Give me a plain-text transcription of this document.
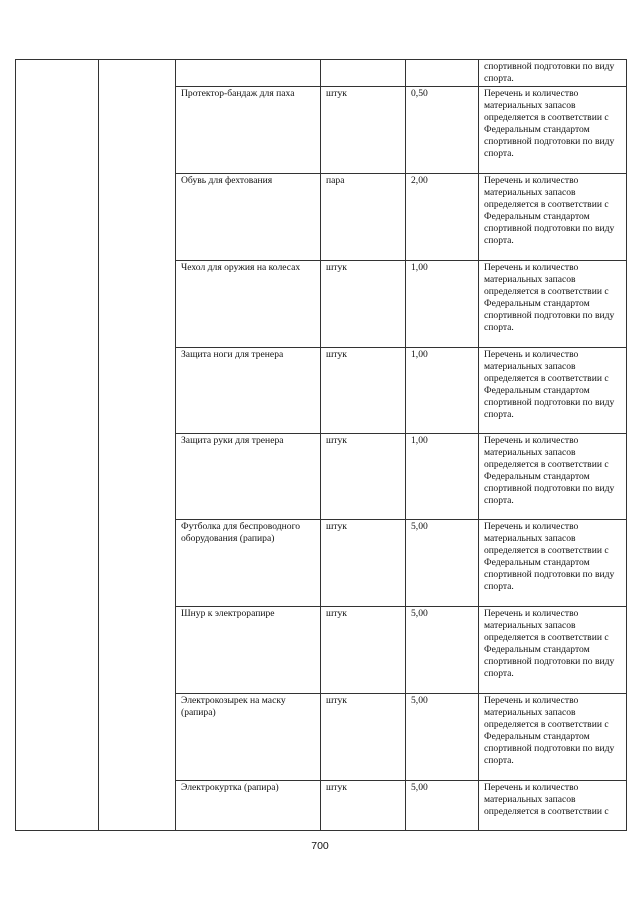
					спортивной подготовки по виду спорта.
		Протектор-бандаж для паха	штук	0,50	Перечень и количество материальных запасов определяется в соответствии с Федеральным стандартом спортивной подготовки по виду спорта.
		Обувь для фехтования	пара	2,00	Перечень и количество материальных запасов определяется в соответствии с Федеральным стандартом спортивной подготовки по виду спорта.
		Чехол для оружия на колесах	штук	1,00	Перечень и количество материальных запасов определяется в соответствии с Федеральным стандартом спортивной подготовки по виду спорта.
		Защита ноги для тренера	штук	1,00	Перечень и количество материальных запасов определяется в соответствии с Федеральным стандартом спортивной подготовки по виду спорта.
		Защита руки для тренера	штук	1,00	Перечень и количество материальных запасов определяется в соответствии с Федеральным стандартом спортивной подготовки по виду спорта.
		Футболка для беспроводного оборудования (рапира)	штук	5,00	Перечень и количество материальных запасов определяется в соответствии с Федеральным стандартом спортивной подготовки по виду спорта.
		Шнур к электрорапире	штук	5,00	Перечень и количество материальных запасов определяется в соответствии с Федеральным стандартом спортивной подготовки по виду спорта.
		Электрокозырек на маску (рапира)	штук	5,00	Перечень и количество материальных запасов определяется в соответствии с Федеральным стандартом спортивной подготовки по виду спорта.
		Электрокуртка (рапира)	штук	5,00	Перечень и количество материальных запасов определяется в соответствии с
700
